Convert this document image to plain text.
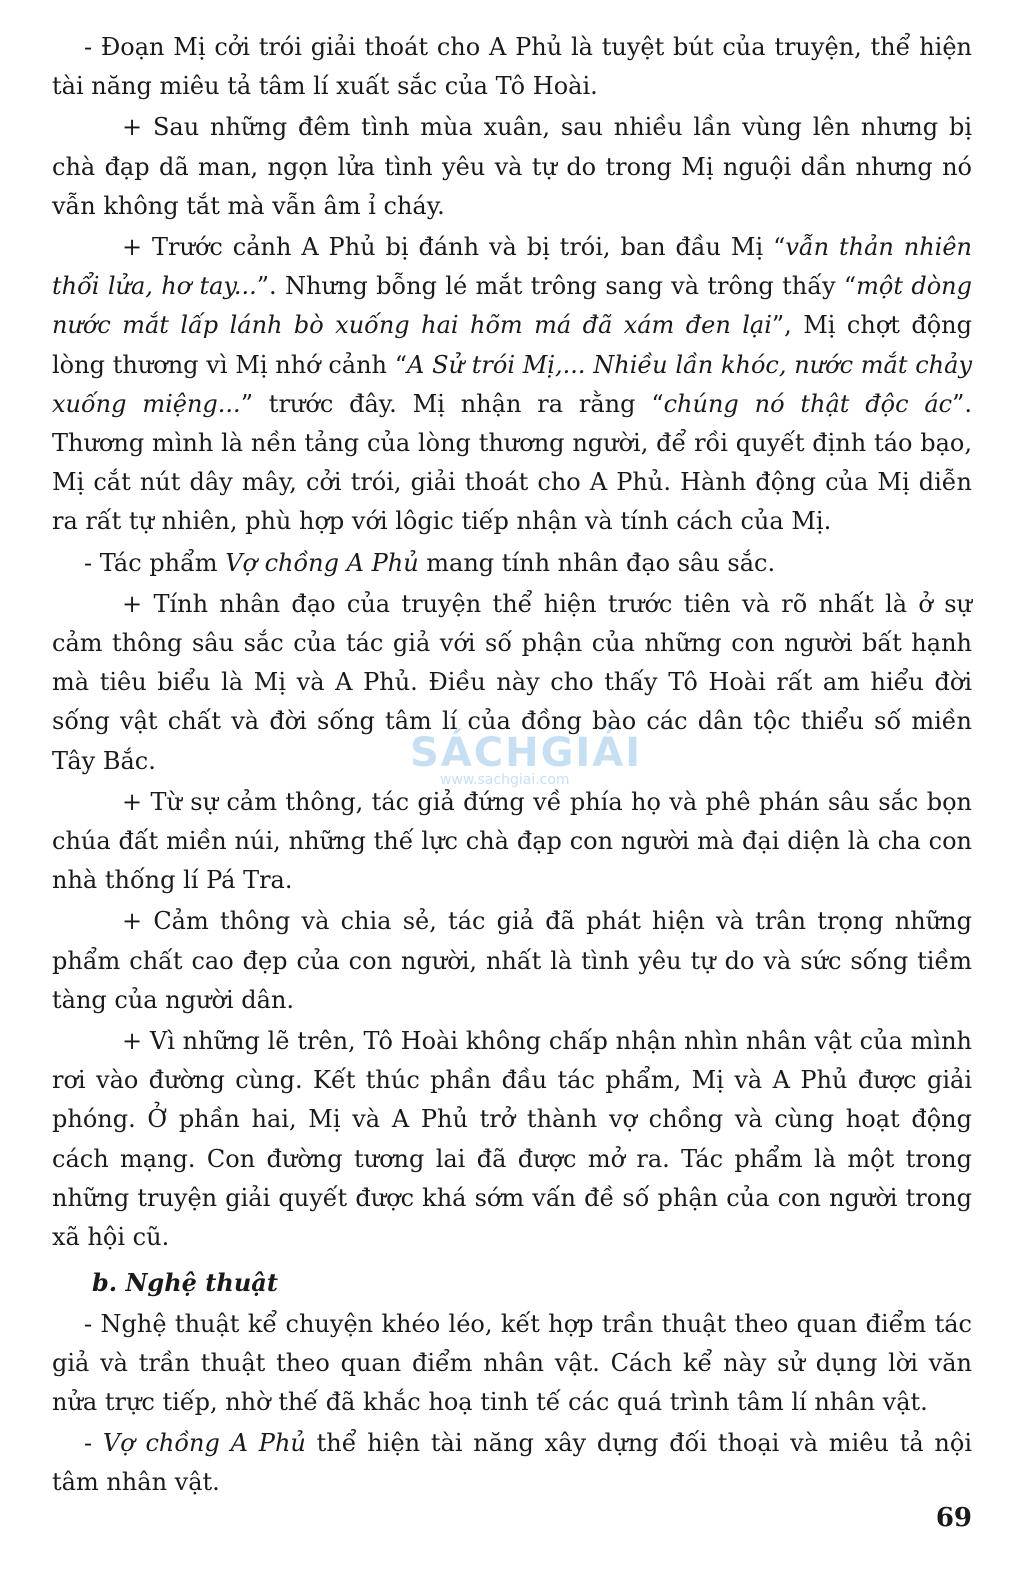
- Đoạn Mị cởi trói giải thoát cho A Phủ là tuyệt bút của truyện, thể hiện tài năng miêu tả tâm lí xuất sắc của Tô Hoài.

+ Sau những đêm tình mùa xuân, sau nhiều lần vùng lên nhưng bị chà đạp dã man, ngọn lửa tình yêu và tự do trong Mị nguội dần nhưng nó vẫn không tắt mà vẫn âm ỉ cháy.

+ Trước cảnh A Phủ bị đánh và bị trói, ban đầu Mị “vẫn thản nhiên thổi lửa, hơ tay...”. Nhưng bỗng lé mắt trông sang và trông thấy “một dòng nước mắt lấp lánh bò xuống hai hõm má đã xám đen lại”, Mị chợt động lòng thương vì Mị nhớ cảnh “A Sử trói Mị,... Nhiều lần khóc, nước mắt chảy xuống miệng...” trước đây. Mị nhận ra rằng “chúng nó thật độc ác”. Thương mình là nền tảng của lòng thương người, để rồi quyết định táo bạo, Mị cắt nút dây mây, cởi trói, giải thoát cho A Phủ. Hành động của Mị diễn ra rất tự nhiên, phù hợp với lôgic tiếp nhận và tính cách của Mị.

- Tác phẩm Vợ chồng A Phủ mang tính nhân đạo sâu sắc.

+ Tính nhân đạo của truyện thể hiện trước tiên và rõ nhất là ở sự cảm thông sâu sắc của tác giả với số phận của những con người bất hạnh mà tiêu biểu là Mị và A Phủ. Điều này cho thấy Tô Hoài rất am hiểu đời sống vật chất và đời sống tâm lí của đồng bào các dân tộc thiểu số miền Tây Bắc.

+ Từ sự cảm thông, tác giả đứng về phía họ và phê phán sâu sắc bọn chúa đất miền núi, những thế lực chà đạp con người mà đại diện là cha con nhà thống lí Pá Tra.

+ Cảm thông và chia sẻ, tác giả đã phát hiện và trân trọng những phẩm chất cao đẹp của con người, nhất là tình yêu tự do và sức sống tiềm tàng của người dân.

+ Vì những lẽ trên, Tô Hoài không chấp nhận nhìn nhân vật của mình rơi vào đường cùng. Kết thúc phần đầu tác phẩm, Mị và A Phủ được giải phóng. Ở phần hai, Mị và A Phủ trở thành vợ chồng và cùng hoạt động cách mạng. Con đường tương lai đã được mở ra. Tác phẩm là một trong những truyện giải quyết được khá sớm vấn đề số phận của con người trong xã hội cũ.

b. Nghệ thuật

- Nghệ thuật kể chuyện khéo léo, kết hợp trần thuật theo quan điểm tác giả và trần thuật theo quan điểm nhân vật. Cách kể này sử dụng lời văn nửa trực tiếp, nhờ thế đã khắc hoạ tinh tế các quá trình tâm lí nhân vật.

- Vợ chồng A Phủ thể hiện tài năng xây dựng đối thoại và miêu tả nội tâm nhân vật.

SÁCHGIẢI
www.sachgiai.com
69
